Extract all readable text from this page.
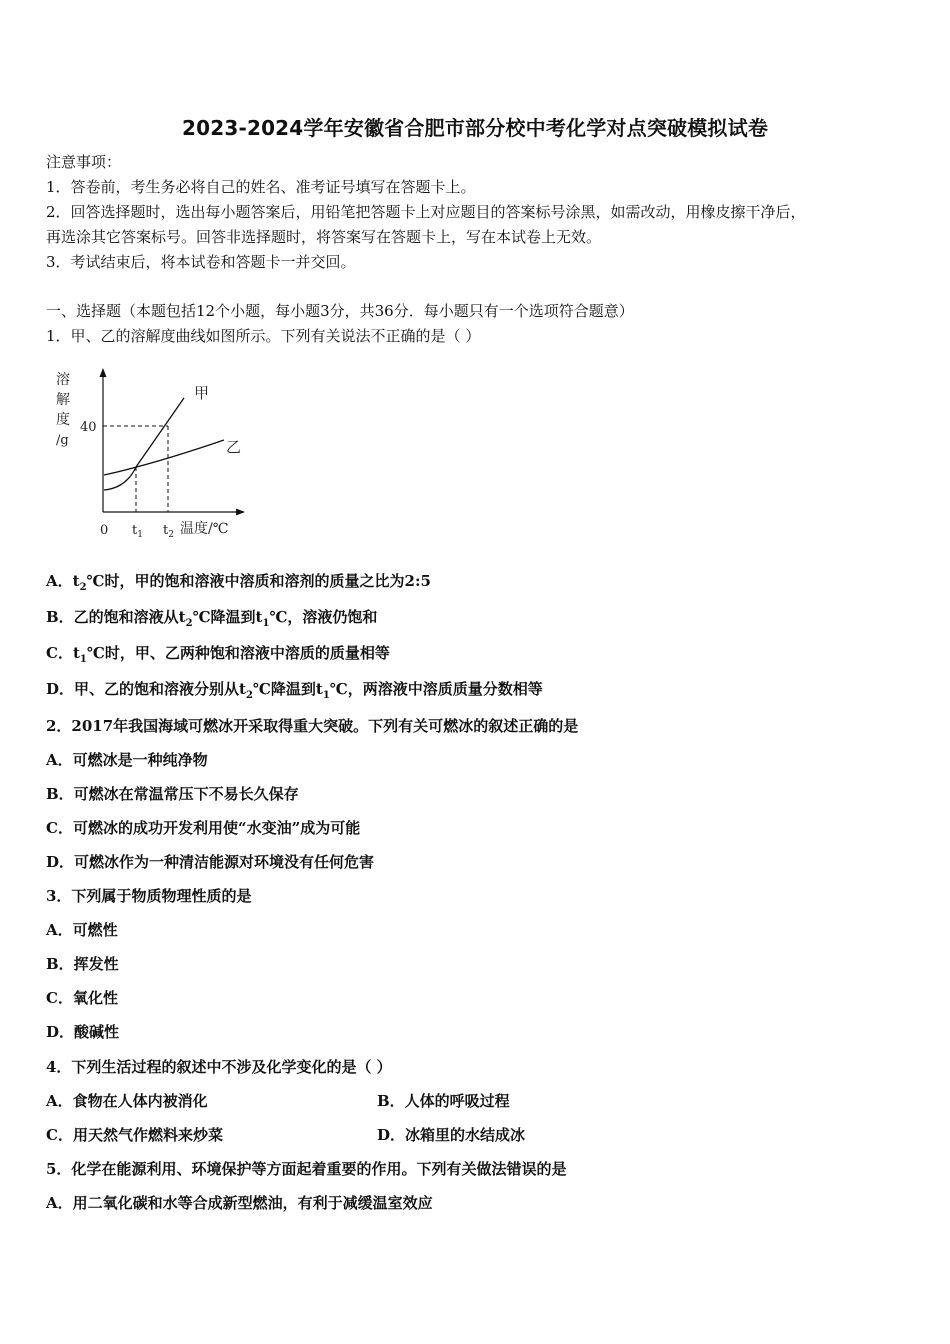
2023-2024学年安徽省合肥市部分校中考化学对点突破模拟试卷
注意事项：
1．答卷前，考生务必将自己的姓名、准考证号填写在答题卡上。
2．回答选择题时，选出每小题答案后，用铅笔把答题卡上对应题目的答案标号涂黑，如需改动，用橡皮擦干净后，
再选涂其它答案标号。回答非选择题时，将答案写在答题卡上，写在本试卷上无效。
3．考试结束后，将本试卷和答题卡一并交回。
一、选择题（本题包括12个小题，每小题3分，共36分．每小题只有一个选项符合题意）
1．甲、乙的溶解度曲线如图所示。下列有关说法不正确的是（ ）
溶
解
度
/g
40
甲
乙
0 $t_1$ $t_2$ 温度/℃
A．$t_2℃$时，甲的饱和溶液中溶质和溶剂的质量之比为2:5
B．乙的饱和溶液从$t_2℃$降温到$t_1℃$，溶液仍饱和
C．$t_1℃$时，甲、乙两种饱和溶液中溶质的质量相等
D．甲、乙的饱和溶液分别从$t_2℃$降温到$t_1℃$，两溶液中溶质质量分数相等
2．2017年我国海域可燃冰开采取得重大突破。下列有关可燃冰的叙述正确的是
A．可燃冰是一种纯净物
B．可燃冰在常温常压下不易长久保存
C．可燃冰的成功开发利用使“水变油”成为可能
D．可燃冰作为一种清洁能源对环境没有任何危害
3．下列属于物质物理性质的是
A．可燃性
B．挥发性
C．氧化性
D．酸碱性
4．下列生活过程的叙述中不涉及化学变化的是（ ）
A．食物在人体内被消化	B．人体的呼吸过程
C．用天然气作燃料来炒菜	D．冰箱里的水结成冰
5．化学在能源利用、环境保护等方面起着重要的作用。下列有关做法错误的是
A．用二氧化碳和水等合成新型燃油，有利于减缓温室效应
